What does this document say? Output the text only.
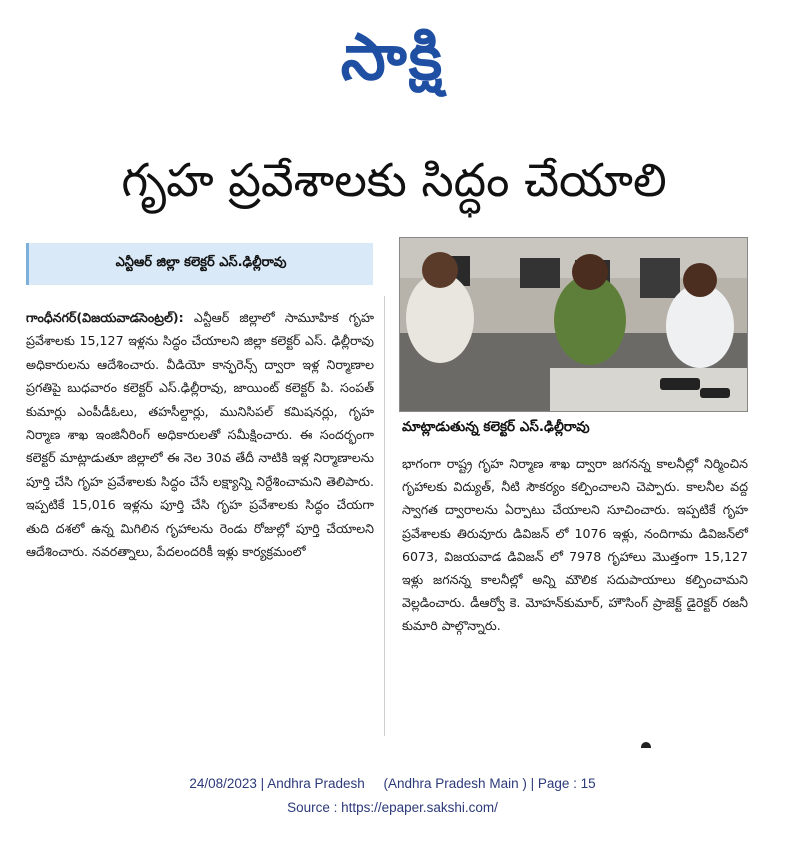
సాక్షి
గృహ ప్రవేశాలకు సిద్ధం చేయాలి
ఎన్టీఆర్ జిల్లా కలెక్టర్ ఎస్.ఢిల్లీరావు
గాంధీనగర్(విజయవాడసెంట్రల్): ఎన్టీఆర్ జిల్లాలో సామూహిక గృహ ప్రవేశాలకు 15,127 ఇళ్లను సిద్ధం చేయాలని జిల్లా కలెక్టర్ ఎస్. ఢిల్లీరావు అధికారులను ఆదేశించారు. వీడియో కాన్ఫరెన్స్ ద్వారా ఇళ్ల నిర్మాణాల ప్రగతిపై బుధవారం కలెక్టర్ ఎస్.ఢిల్లీరావు, జాయింట్ కలెక్టర్ పి. సంపత్ కుమార్లు ఎంపీడీఓలు, తహసీల్దార్లు, మునిసిపల్ కమిషనర్లు, గృహ నిర్మాణ శాఖ ఇంజినీరింగ్ అధికారులతో సమీక్షించారు. ఈ సందర్భంగా కలెక్టర్ మాట్లాడుతూ జిల్లాలో ఈ నెల 30వ తేదీ నాటికి ఇళ్ల నిర్మాణాలను పూర్తి చేసి గృహ ప్రవేశాలకు సిద్ధం చేసే లక్ష్యాన్ని నిర్దేశించామని తెలిపారు. ఇప్పటికే 15,016 ఇళ్లను పూర్తి చేసి గృహ ప్రవేశాలకు సిద్ధం చేయగా తుది దశలో ఉన్న మిగిలిన గృహాలను రెండు రోజుల్లో పూర్తి చేయాలని ఆదేశించారు. నవరత్నాలు, పేదలందరికీ ఇళ్లు కార్యక్రమంలో
మాట్లాడుతున్న కలెక్టర్ ఎస్.ఢిల్లీరావు
భాగంగా రాష్ట్ర గృహ నిర్మాణ శాఖ ద్వారా జగనన్న కాలనీల్లో నిర్మించిన గృహాలకు విద్యుత్, నీటి సౌకర్యం కల్పించాలని చెప్పారు. కాలనీల వద్ద స్వాగత ద్వారాలను ఏర్పాటు చేయాలని సూచించారు. ఇప్పటికే గృహ ప్రవేశాలకు తిరువూరు డివిజన్ లో 1076 ఇళ్లు, నందిగామ డివిజన్‌లో 6073, విజయవాడ డివిజన్ లో 7978 గృహాలు మొత్తంగా 15,127 ఇళ్లు జగనన్న కాలనీల్లో అన్ని మౌలిక సదుపాయాలు కల్పించామని వెల్లడించారు. డీఆర్వో కె. మోహన్‌కుమార్, హౌసింగ్ ప్రాజెక్ట్ డైరెక్టర్ రజనీ కుమారి పాల్గొన్నారు.
24/08/2023 | Andhra Pradesh     (Andhra Pradesh Main ) | Page : 15
Source : https://epaper.sakshi.com/
